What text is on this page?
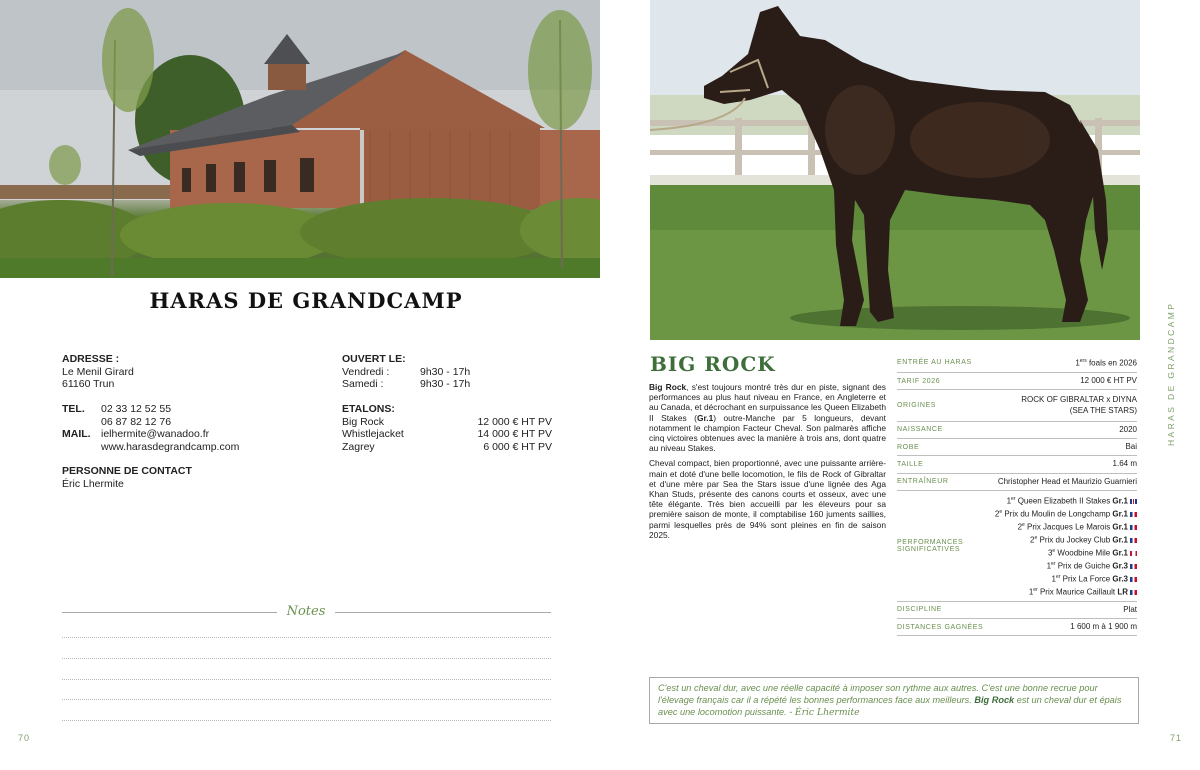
HARAS DE GRANDCAMP
ADRESSE :
Le Menil Girard
61160 Trun
TEL. 02 33 12 52 55
06 87 82 12 76
MAIL. ielhermite@wanadoo.fr
www.harasdegrandcamp.com
PERSONNE DE CONTACT
Éric Lhermite
OUVERT LE:
Vendredi :	9h30 - 17h
Samedi :	9h30 - 17h
ETALONS:
Big Rock	12 000 € HT PV
Whistlejacket	14 000 € HT PV
Zagrey	6 000 € HT PV
Notes
70
BIG ROCK

Big Rock, s'est toujours montré très dur en piste, signant des performances au plus haut niveau en France, en Angleterre et au Canada, et décrochant en surpuissance les Queen Elizabeth II Stakes (Gr.1) outre-Manche par 5 longueurs, devant notamment le champion Facteur Cheval. Son palmarès affiche cinq victoires obtenues avec la manière à trois ans, dont quatre au niveau Stakes.

Cheval compact, bien proportionné, avec une puissante arrière-main et doté d'une belle locomotion, le fils de Rock of Gibraltar et d'une mère par Sea the Stars issue d'une lignée des Aga Khan Studs, présente des canons courts et osseux, avec une tête élégante. Très bien accueilli par les éleveurs pour sa première saison de monte, il comptabilise 160 juments saillies, parmi lesquelles près de 94% sont pleines en fin de saison 2025.

ENTRÉE AU HARAS	1ers foals en 2026
TARIF 2026	12 000 € HT PV
ORIGINES
ROCK OF GIBRALTAR x DIYNA
(SEA THE STARS)
NAISSANCE	2020
ROBE	Bai
TAILLE	1.64 m
ENTRAÎNEUR	Christopher Head et Maurizio Guarnieri
PERFORMANCES SIGNIFICATIVES
1er Queen Elizabeth II Stakes Gr.1
2e Prix du Moulin de Longchamp Gr.1
2e Prix Jacques Le Marois Gr.1
2e Prix du Jockey Club Gr.1
3e Woodbine Mile Gr.1
1er Prix de Guiche Gr.3
1er Prix La Force Gr.3
1er Prix Maurice Caillault LR
DISCIPLINE	Plat
DISTANCES GAGNÉES	1 600 m à 1 900 m
HARAS DE GRANDCAMP
C'est un cheval dur, avec une réelle capacité à imposer son rythme aux autres. C'est une bonne recrue pour l'élevage français car il a répété les bonnes performances face aux meilleurs. Big Rock est un cheval dur et épais avec une locomotion puissante. - Éric Lhermite
71
